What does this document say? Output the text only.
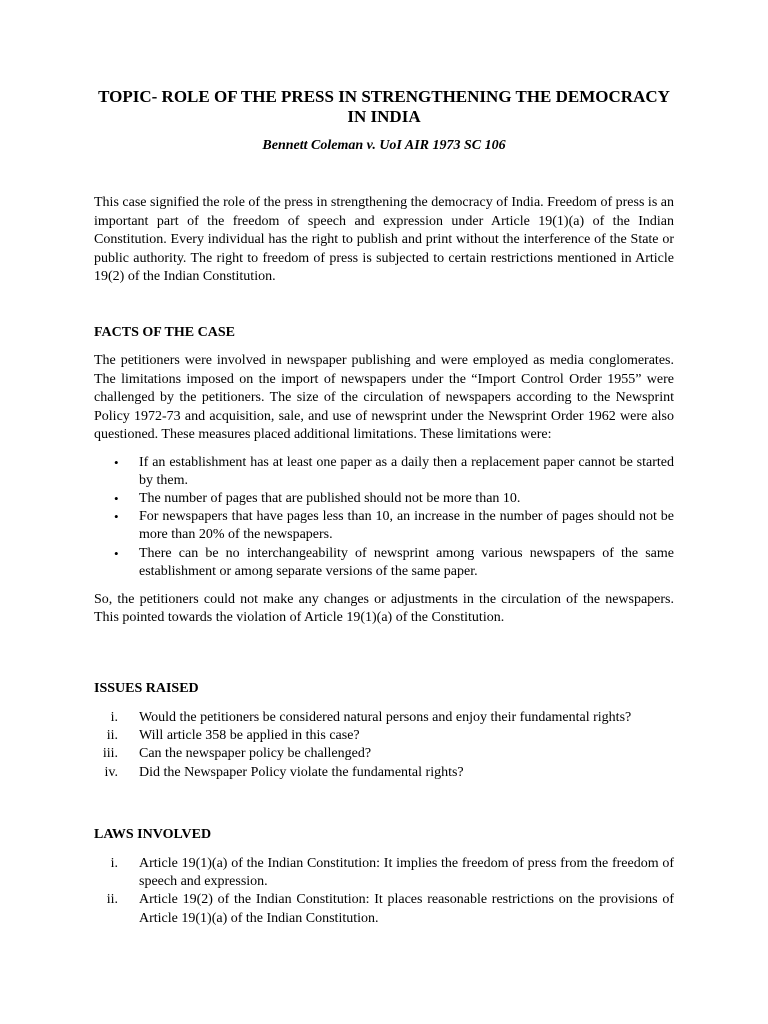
TOPIC- ROLE OF THE PRESS IN STRENGTHENING THE DEMOCRACY IN INDIA
Bennett Coleman v. UoI AIR 1973 SC 106

This case signified the role of the press in strengthening the democracy of India. Freedom of press is an important part of the freedom of speech and expression under Article 19(1)(a) of the Indian Constitution. Every individual has the right to publish and print without the interference of the State or public authority. The right to freedom of press is subjected to certain restrictions mentioned in Article 19(2) of the Indian Constitution.

FACTS OF THE CASE

The petitioners were involved in newspaper publishing and were employed as media conglomerates. The limitations imposed on the import of newspapers under the “Import Control Order 1955” were challenged by the petitioners. The size of the circulation of newspapers according to the Newsprint Policy 1972-73 and acquisition, sale, and use of newsprint under the Newsprint Order 1962 were also questioned. These measures placed additional limitations. These limitations were:

• If an establishment has at least one paper as a daily then a replacement paper cannot be started by them.
• The number of pages that are published should not be more than 10.
• For newspapers that have pages less than 10, an increase in the number of pages should not be more than 20% of the newspapers.
• There can be no interchangeability of newsprint among various newspapers of the same establishment or among separate versions of the same paper.

So, the petitioners could not make any changes or adjustments in the circulation of the newspapers. This pointed towards the violation of Article 19(1)(a) of the Constitution.

ISSUES RAISED
i. Would the petitioners be considered natural persons and enjoy their fundamental rights?
ii. Will article 358 be applied in this case?
iii. Can the newspaper policy be challenged?
iv. Did the Newspaper Policy violate the fundamental rights?
LAWS INVOLVED
i. Article 19(1)(a) of the Indian Constitution: It implies the freedom of press from the freedom of speech and expression.
ii. Article 19(2) of the Indian Constitution: It places reasonable restrictions on the provisions of Article 19(1)(a) of the Indian Constitution.
